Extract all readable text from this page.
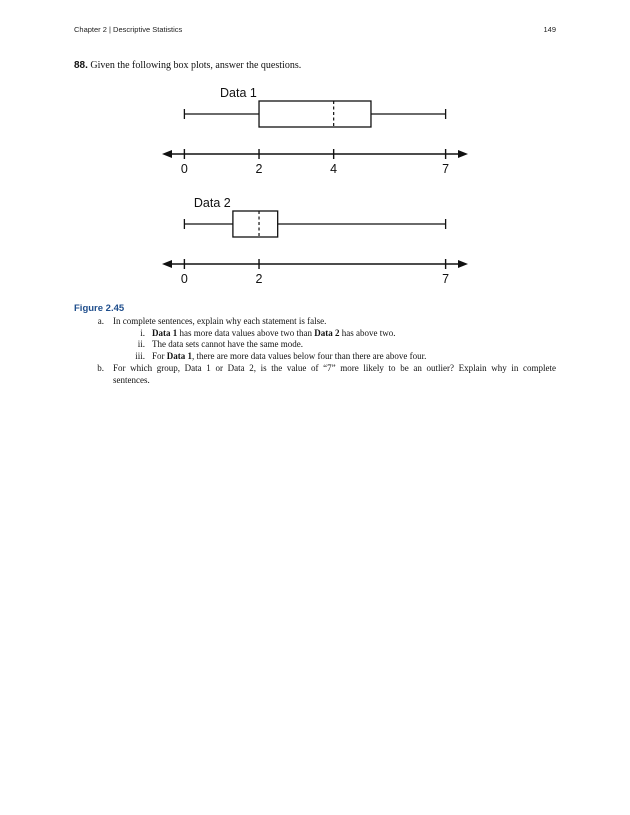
Chapter 2 | Descriptive Statistics	149
88. Given the following box plots, answer the questions.
Data 1
0	2	4	7
Data 2
0	2	7
Figure 2.45
a. In complete sentences, explain why each statement is false.
i. Data 1 has more data values above two than Data 2 has above two.
ii. The data sets cannot have the same mode.
iii. For Data 1, there are more data values below four than there are above four.
b. For which group, Data 1 or Data 2, is the value of “7” more likely to be an outlier? Explain why in complete
sentences.
